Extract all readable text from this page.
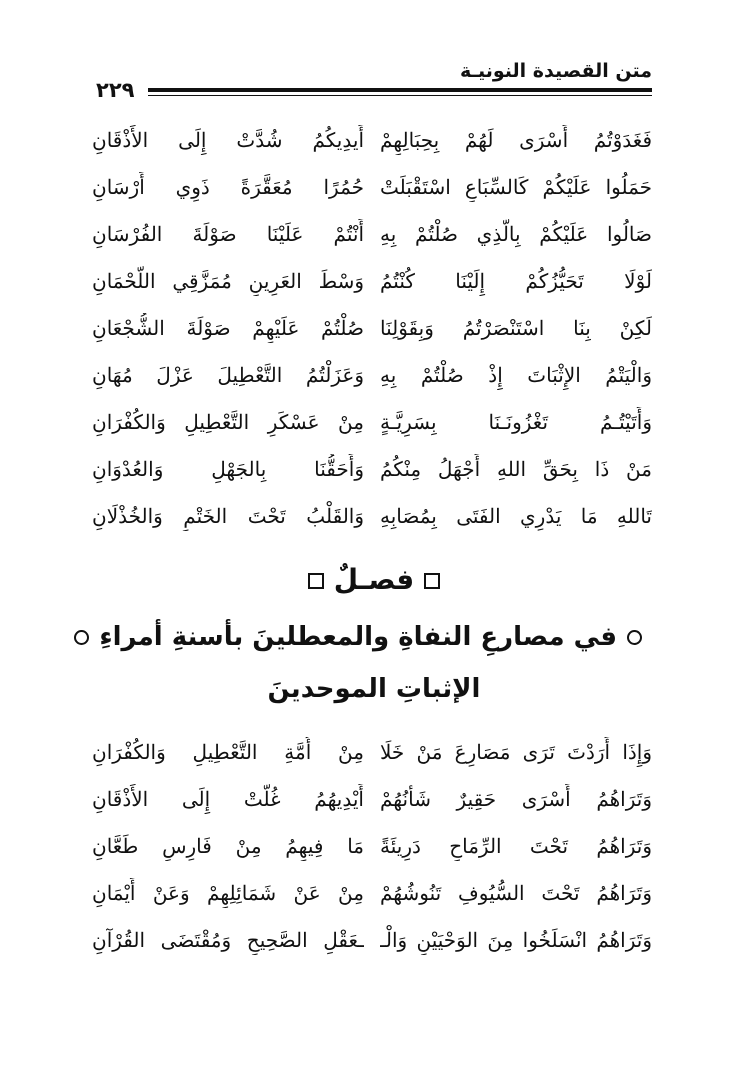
متن القصيدة النونيـة
٢٢٩
فَغَدَوْتُمُ أَسْرَى لَهُمْ بِحِبَالِهِمْ
أَيدِيكُمُ شُدَّتْ إِلَى الأَذْقَانِ
حَمَلُوا عَلَيْكُمْ كَالسِّبَاعِ اسْتَقْبَلَتْ
حُمُرًا مُعَقَّرَةً ذَوِي أَرْسَانِ
صَالُوا عَلَيْكُمْ بِالَّذِي صُلْتُمْ بِهِ
أَنْتُمْ عَلَيْنَا صَوْلَةَ الفُرْسَانِ
لَوْلَا تَحَيُّزُكُمْ إِلَيْنَا كُنْتُمُ
وَسْطَ العَرِينِ مُمَزَّقِي اللُّحْمَانِ
لَكِنْ بِنَا اسْتَنْصَرْتُمُ وَبِقَوْلِنَا
صُلْتُمْ عَلَيْهِمْ صَوْلَةَ الشُّجْعَانِ
وَالْيَتْمُ الإِثْبَاتَ إِذْ صُلْتُمْ بِهِ
وَعَزَلْتُمُ التَّعْطِيلَ عَزْلَ مُهَانِ
وَأَتَيْتُـمُ تَغْزُونَـنَا بِسَرِيَّـةٍ
مِنْ عَسْكَرِ التَّعْطِيلِ وَالكُفْرَانِ
مَنْ ذَا بِحَقِّ اللهِ أَجْهَلُ مِنْكُمُ
وَأَحَقُّنَا بِالجَهْلِ وَالعُدْوَانِ
تَاللهِ مَا يَدْرِي الفَتَى بِمُصَابِهِ
وَالقَلْبُ تَحْتَ الخَتْمِ وَالخُذْلَانِ
فصـلٌ
في مصارعِ النفاةِ والمعطلينَ بأسنةِ أمراءِ
الإثباتِ الموحدينَ
وَإِذَا أَرَدْتَ تَرَى مَصَارِعَ مَنْ خَلَا
مِنْ أُمَّةِ التَّعْطِيلِ وَالكُفْرَانِ
وَتَرَاهُمُ أَسْرَى حَقِيرٌ شَأْنُهُمْ
أَيْدِيهُمُ غُلَّتْ إِلَى الأَذْقَانِ
وَتَرَاهُمُ تَحْتَ الرِّمَاحِ دَرِيئَةً
مَا فِيهِمُ مِنْ فَارِسٍ طَعَّانِ
وَتَرَاهُمُ تَحْتَ السُّيُوفِ تَنُوشُهُمْ
مِنْ عَنْ شَمَائِلِهِمْ وَعَنْ أَيْمَانِ
وَتَرَاهُمُ انْسَلَخُوا مِنَ الوَحْيَيْنِ وَالْـ
ـعَقْلِ الصَّحِيحِ وَمُقْتَضَى القُرْآنِ
